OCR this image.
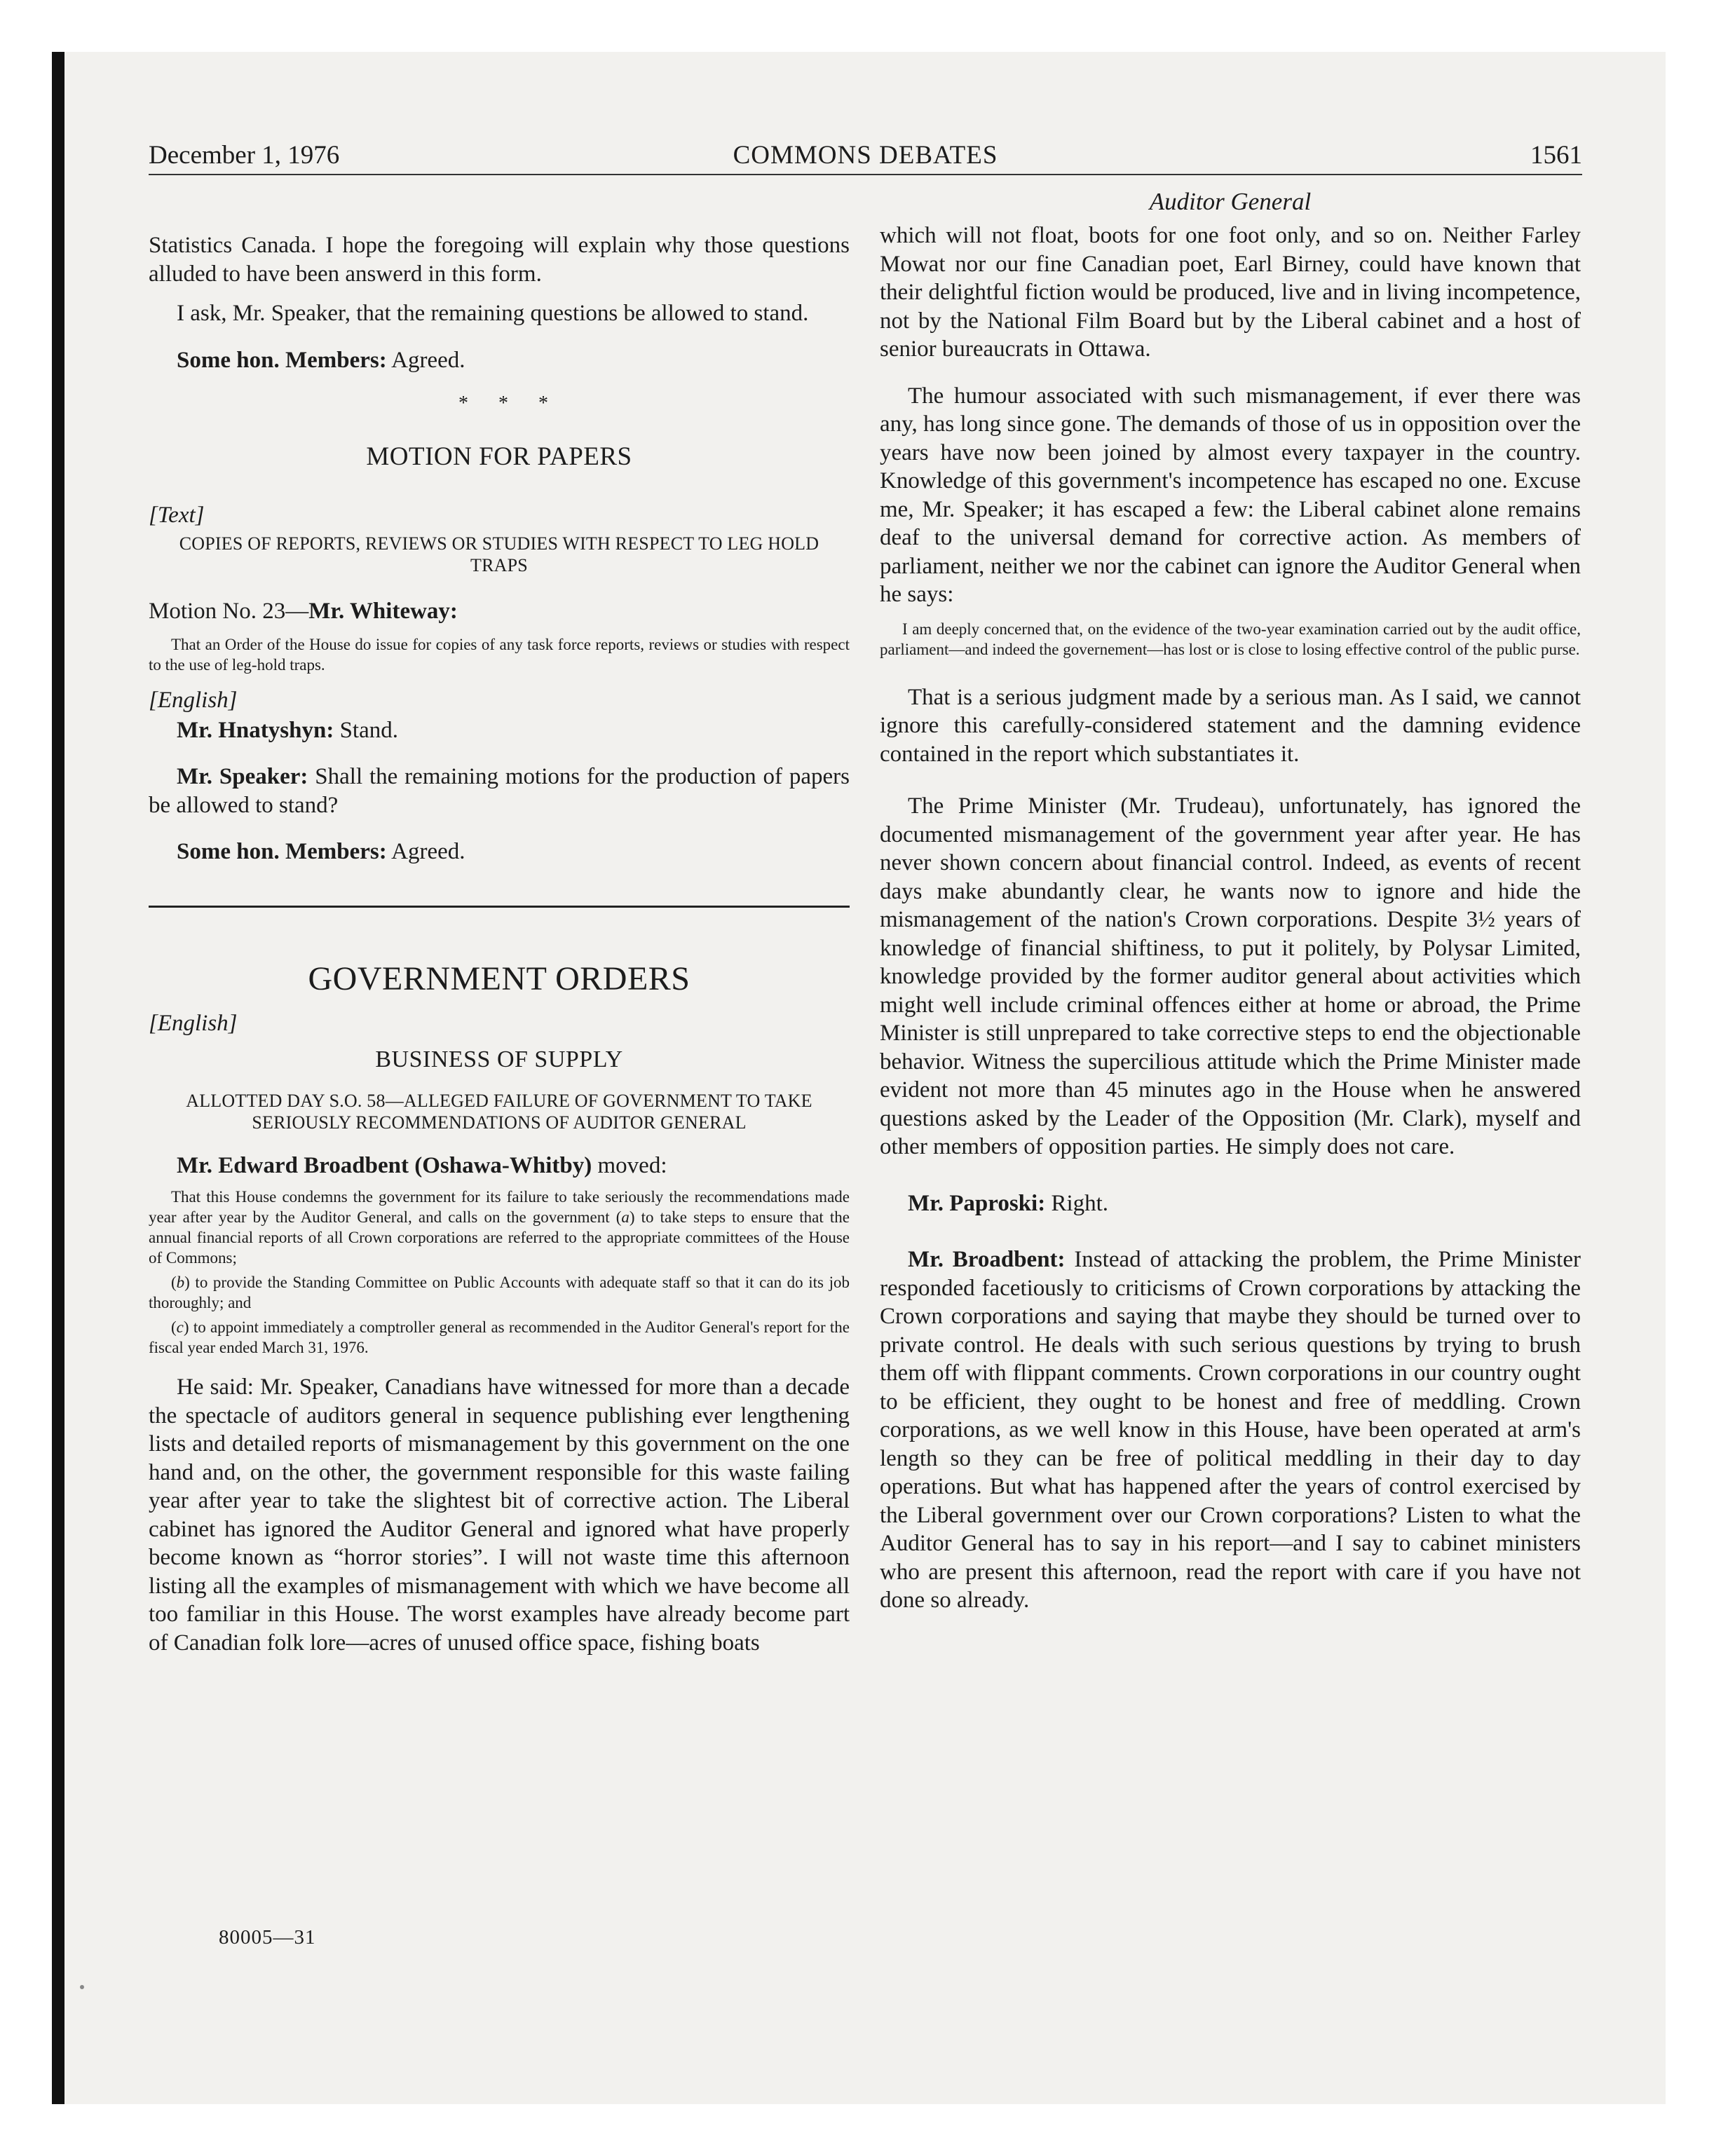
December 1, 1976	COMMONS DEBATES	1561

Statistics Canada. I hope the foregoing will explain why those questions alluded to have been answerd in this form.

I ask, Mr. Speaker, that the remaining questions be allowed to stand.

Some hon. Members: Agreed.

* * *

MOTION FOR PAPERS

[Text]

COPIES OF REPORTS, REVIEWS OR STUDIES WITH RESPECT TO LEG HOLD TRAPS

Motion No. 23—Mr. Whiteway:

That an Order of the House do issue for copies of any task force reports, reviews or studies with respect to the use of leg-hold traps.

[English]

Mr. Hnatyshyn: Stand.

Mr. Speaker: Shall the remaining motions for the production of papers be allowed to stand?

Some hon. Members: Agreed.

GOVERNMENT ORDERS

[English]

BUSINESS OF SUPPLY

ALLOTTED DAY S.O. 58—ALLEGED FAILURE OF GOVERNMENT TO TAKE SERIOUSLY RECOMMENDATIONS OF AUDITOR GENERAL

Mr. Edward Broadbent (Oshawa-Whitby) moved:

That this House condemns the government for its failure to take seriously the recommendations made year after year by the Auditor General, and calls on the government (a) to take steps to ensure that the annual financial reports of all Crown corporations are referred to the appropriate committees of the House of Commons;

(b) to provide the Standing Committee on Public Accounts with adequate staff so that it can do its job thoroughly; and

(c) to appoint immediately a comptroller general as recommended in the Auditor General's report for the fiscal year ended March 31, 1976.

He said: Mr. Speaker, Canadians have witnessed for more than a decade the spectacle of auditors general in sequence publishing ever lengthening lists and detailed reports of mismanagement by this government on the one hand and, on the other, the government responsible for this waste failing year after year to take the slightest bit of corrective action. The Liberal cabinet has ignored the Auditor General and ignored what have properly become known as “horror stories”. I will not waste time this afternoon listing all the examples of mismanagement with which we have become all too familiar in this House. The worst examples have already become part of Canadian folk lore—acres of unused office space, fishing boats

Auditor General

which will not float, boots for one foot only, and so on. Neither Farley Mowat nor our fine Canadian poet, Earl Birney, could have known that their delightful fiction would be produced, live and in living incompetence, not by the National Film Board but by the Liberal cabinet and a host of senior bureaucrats in Ottawa.

The humour associated with such mismanagement, if ever there was any, has long since gone. The demands of those of us in opposition over the years have now been joined by almost every taxpayer in the country. Knowledge of this government's incompetence has escaped no one. Excuse me, Mr. Speaker; it has escaped a few: the Liberal cabinet alone remains deaf to the universal demand for corrective action. As members of parliament, neither we nor the cabinet can ignore the Auditor General when he says:

I am deeply concerned that, on the evidence of the two-year examination carried out by the audit office, parliament—and indeed the governement—has lost or is close to losing effective control of the public purse.

That is a serious judgment made by a serious man. As I said, we cannot ignore this carefully-considered statement and the damning evidence contained in the report which substantiates it.

The Prime Minister (Mr. Trudeau), unfortunately, has ignored the documented mismanagement of the government year after year. He has never shown concern about financial control. Indeed, as events of recent days make abundantly clear, he wants now to ignore and hide the mismanagement of the nation's Crown corporations. Despite 3½ years of knowledge of financial shiftiness, to put it politely, by Polysar Limited, knowledge provided by the former auditor general about activities which might well include criminal offences either at home or abroad, the Prime Minister is still unprepared to take corrective steps to end the objectionable behavior. Witness the supercilious attitude which the Prime Minister made evident not more than 45 minutes ago in the House when he answered questions asked by the Leader of the Opposition (Mr. Clark), myself and other members of opposition parties. He simply does not care.

Mr. Paproski: Right.

Mr. Broadbent: Instead of attacking the problem, the Prime Minister responded facetiously to criticisms of Crown corporations by attacking the Crown corporations and saying that maybe they should be turned over to private control. He deals with such serious questions by trying to brush them off with flippant comments. Crown corporations in our country ought to be efficient, they ought to be honest and free of meddling. Crown corporations, as we well know in this House, have been operated at arm's length so they can be free of political meddling in their day to day operations. But what has happened after the years of control exercised by the Liberal government over our Crown corporations? Listen to what the Auditor General has to say in his report—and I say to cabinet ministers who are present this afternoon, read the report with care if you have not done so already.

80005—31
